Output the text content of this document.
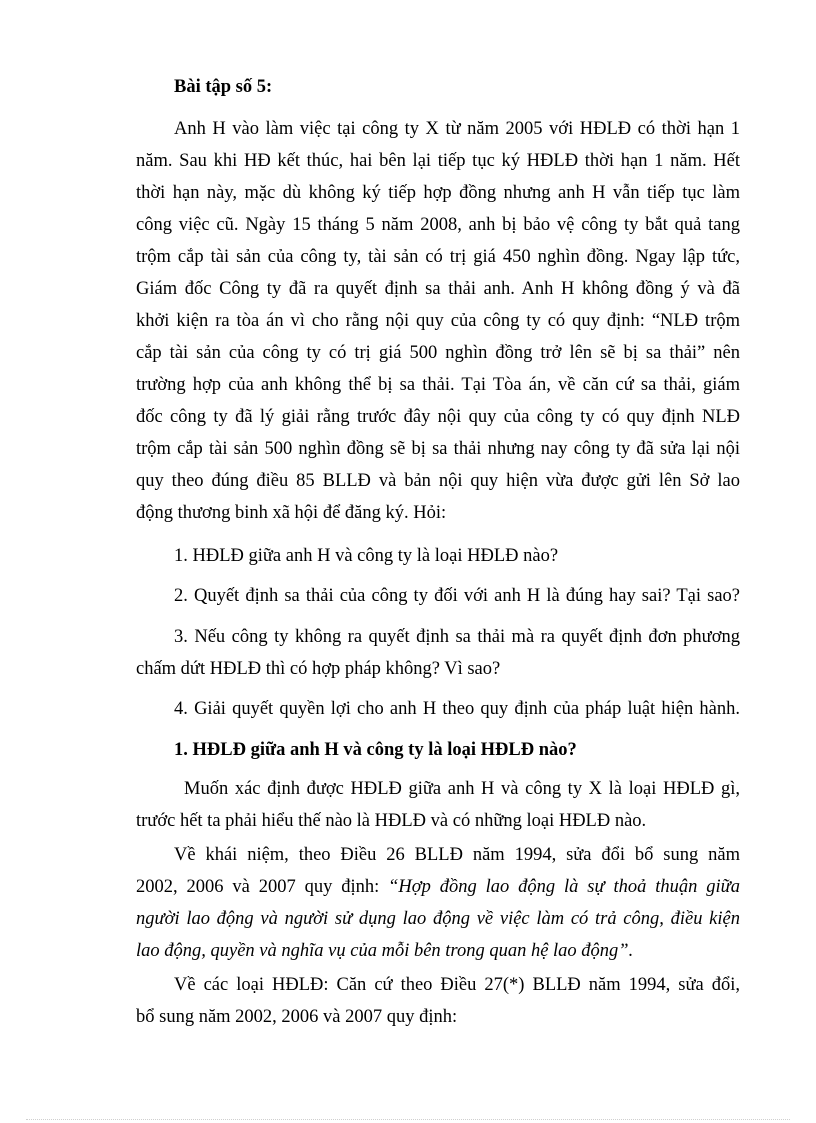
Bài tập số 5:
Anh H vào làm việc tại công ty X từ năm 2005 với HĐLĐ có thời hạn 1
năm. Sau khi HĐ kết thúc, hai bên lại tiếp tục ký HĐLĐ thời hạn 1 năm. Hết
thời hạn này, mặc dù không ký tiếp hợp đồng nhưng anh H vẫn tiếp tục làm
công việc cũ. Ngày 15 tháng 5 năm 2008, anh bị bảo vệ công ty bắt quả tang
trộm cắp tài sản của công ty, tài sản có trị giá 450 nghìn đồng. Ngay lập tức,
Giám đốc Công ty đã ra quyết định sa thải anh. Anh H không đồng ý và đã
khởi kiện ra tòa án vì cho rằng nội quy của công ty có quy định: “NLĐ trộm
cắp tài sản của công ty có trị giá 500 nghìn đồng trở lên sẽ bị sa thải” nên
trường hợp của anh không thể bị sa thải. Tại Tòa án, về căn cứ sa thải, giám
đốc công ty đã lý giải rằng trước đây nội quy của công ty có quy định NLĐ
trộm cắp tài sản 500 nghìn đồng sẽ bị sa thải nhưng nay công ty đã sửa lại nội
quy theo đúng điều 85 BLLĐ và bản nội quy hiện vừa được gửi lên Sở lao
động thương binh xã hội để đăng ký. Hỏi:
1. HĐLĐ giữa anh H và công ty là loại HĐLĐ nào?
2. Quyết định sa thải của công ty đối với anh H là đúng hay sai? Tại sao?
3. Nếu công ty không ra quyết định sa thải mà ra quyết định đơn phương
chấm dứt HĐLĐ thì có hợp pháp không? Vì sao?
4. Giải quyết quyền lợi cho anh H theo quy định của pháp luật hiện hành.
1. HĐLĐ giữa anh H và công ty là loại HĐLĐ nào?
Muốn xác định được HĐLĐ giữa anh H và công ty X là loại HĐLĐ gì,
trước hết ta phải hiểu thế nào là HĐLĐ và có những loại HĐLĐ nào.
Về khái niệm, theo Điều 26 BLLĐ năm 1994, sửa đổi bổ sung năm
2002, 2006 và 2007 quy định: “Hợp đồng lao động là sự thoả thuận giữa
người lao động và người sử dụng lao động về việc làm có trả công, điều kiện
lao động, quyền và nghĩa vụ của mỗi bên trong quan hệ lao động”.
Về các loại HĐLĐ: Căn cứ theo Điều 27(*) BLLĐ năm 1994, sửa đổi,
bổ sung năm 2002, 2006 và 2007 quy định:
